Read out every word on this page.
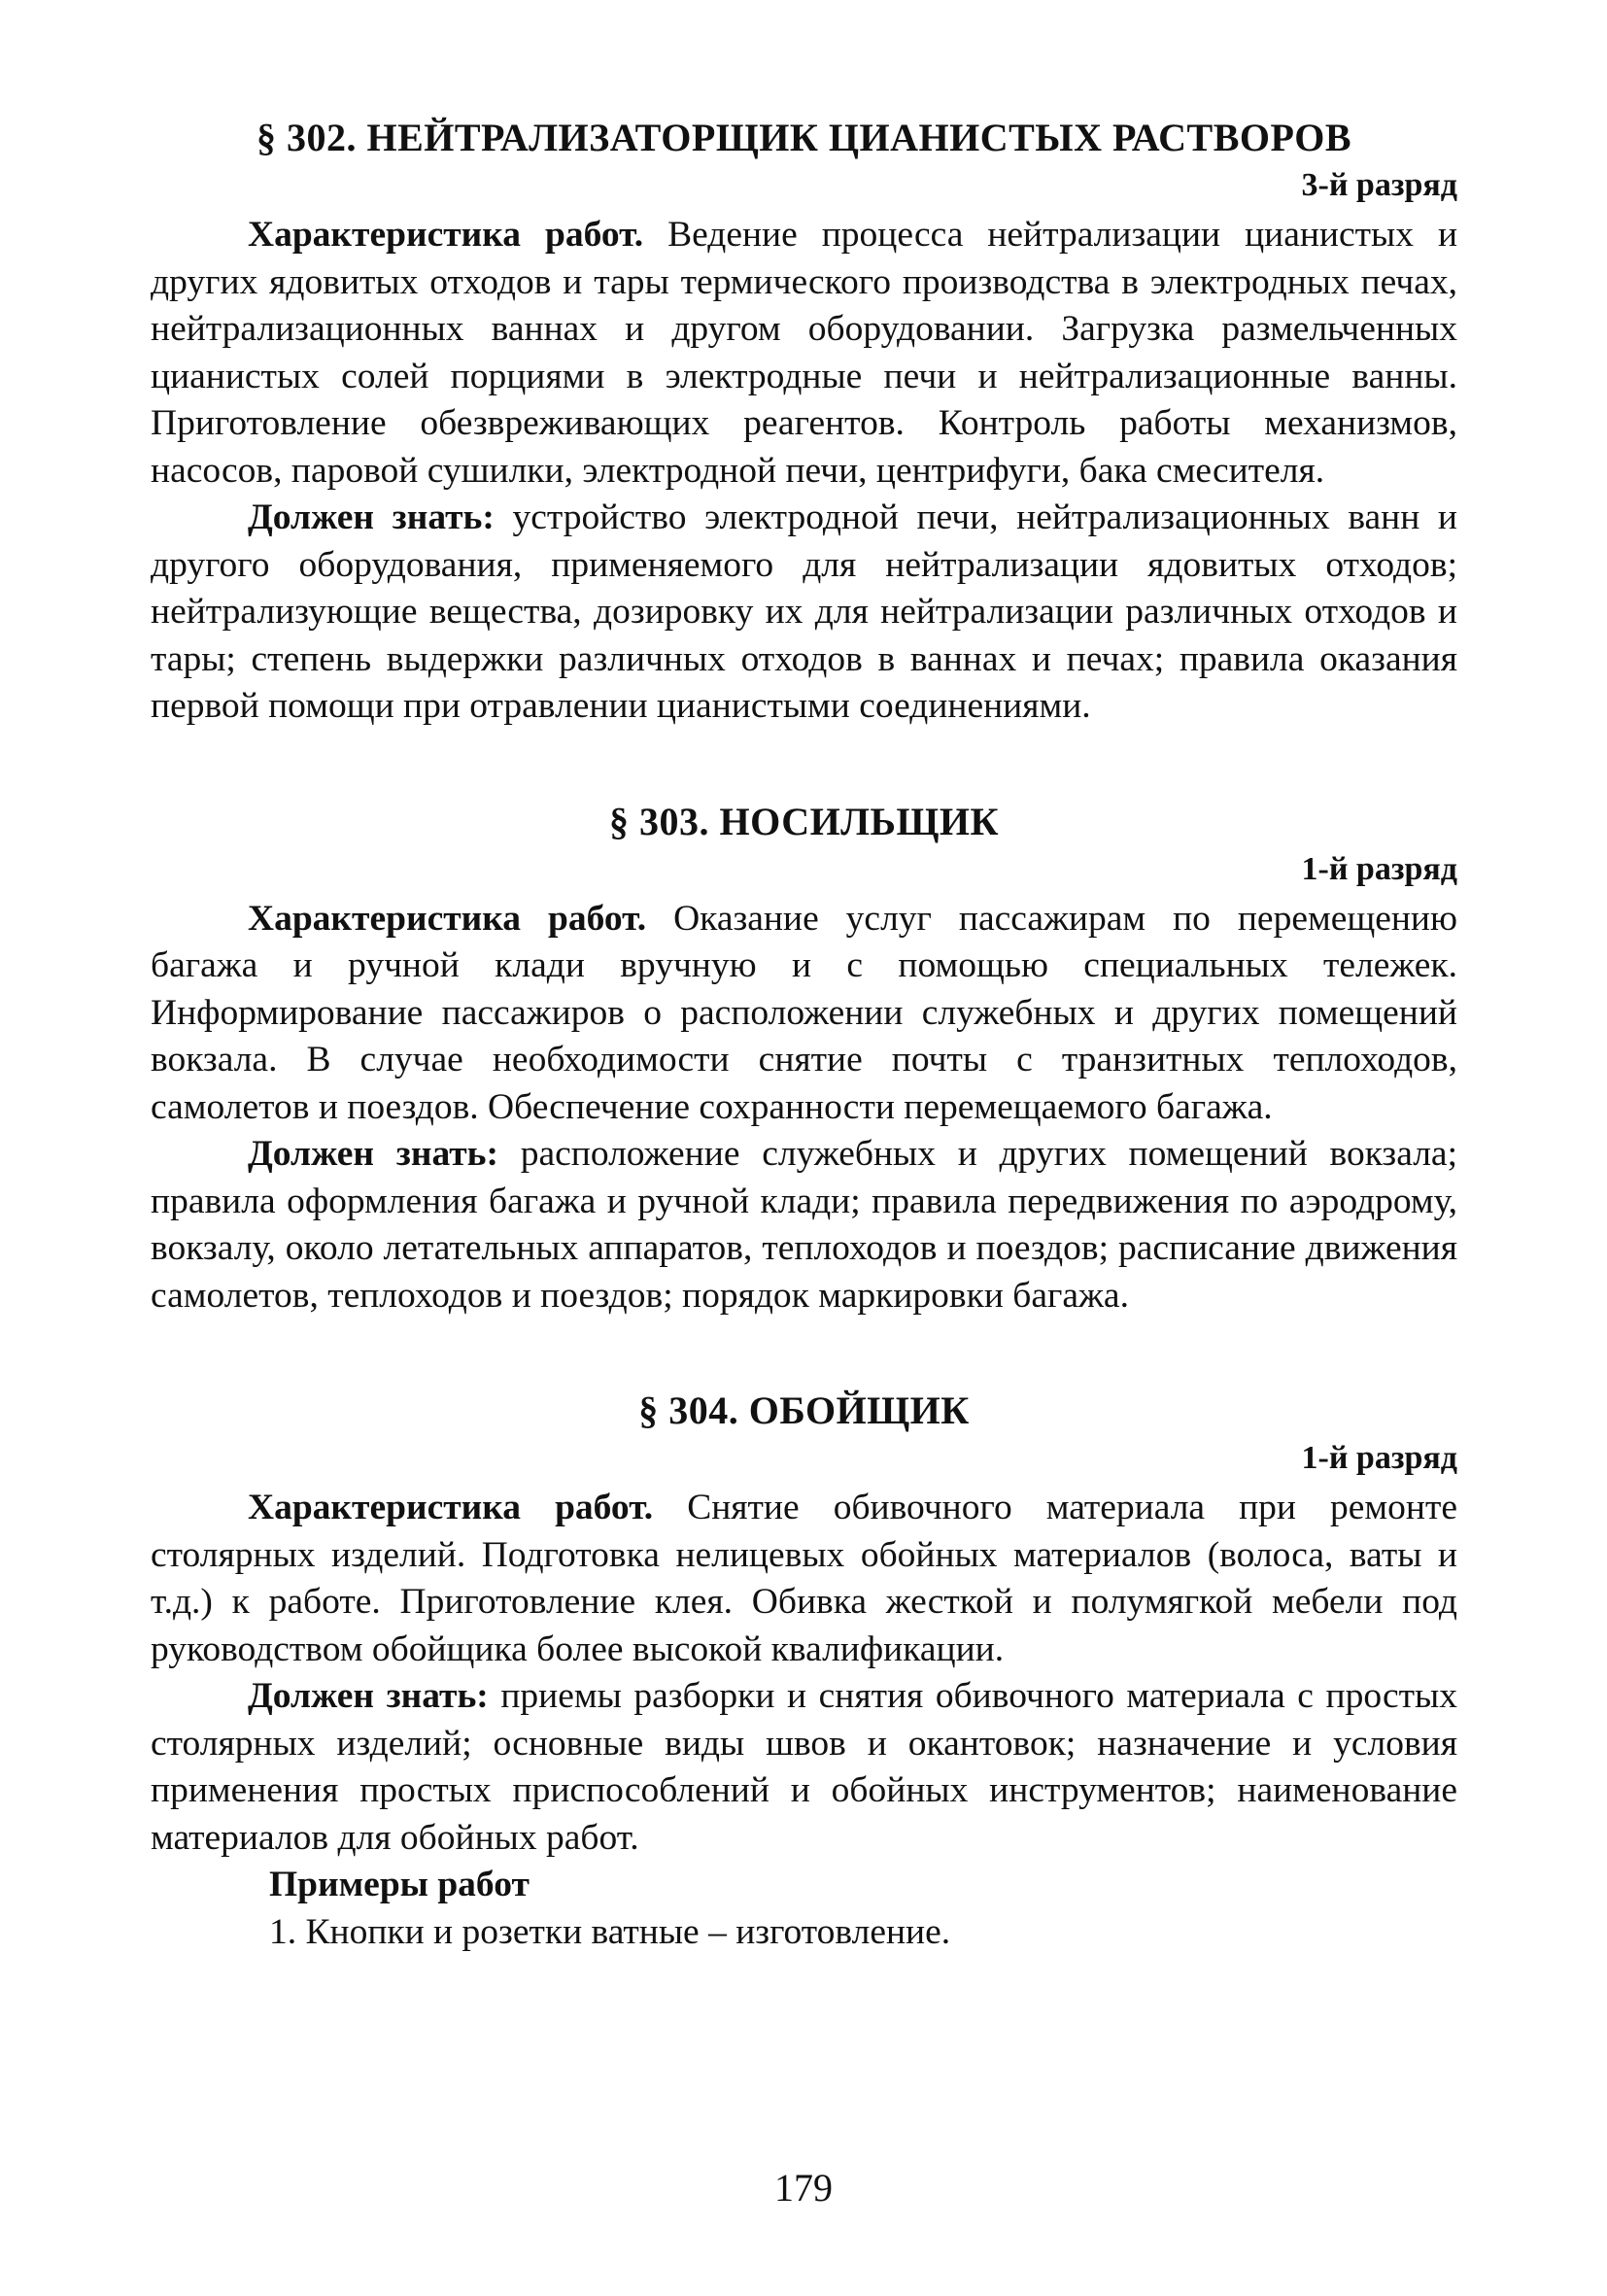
§ 302. НЕЙТРАЛИЗАТОРЩИК ЦИАНИСТЫХ РАСТВОРОВ
3-й разряд

Характеристика работ. Ведение процесса нейтрализации цианистых и других ядовитых отходов и тары термического производства в электродных печах, нейтрализационных ваннах и другом оборудовании. Загрузка размельченных цианистых солей порциями в электродные печи и нейтрализационные ванны. Приготовление обезвреживающих реагентов. Контроль работы механизмов, насосов, паровой сушилки, электродной печи, центрифуги, бака смесителя.

Должен знать: устройство электродной печи, нейтрализационных ванн и другого оборудования, применяемого для нейтрализации ядовитых отходов; нейтрализующие вещества, дозировку их для нейтрализации различных отходов и тары; степень выдержки различных отходов в ваннах и печах; правила оказания первой помощи при отравлении цианистыми соединениями.

§ 303. НОСИЛЬЩИК
1-й разряд

Характеристика работ. Оказание услуг пассажирам по перемещению багажа и ручной клади вручную и с помощью специальных тележек. Информирование пассажиров о расположении служебных и других помещений вокзала. В случае необходимости снятие почты с транзитных теплоходов, самолетов и поездов. Обеспечение сохранности перемещаемого багажа.

Должен знать: расположение служебных и других помещений вокзала; правила оформления багажа и ручной клади; правила передвижения по аэродрому, вокзалу, около летательных аппаратов, теплоходов и поездов; расписание движения самолетов, теплоходов и поездов; порядок маркировки багажа.

§ 304. ОБОЙЩИК
1-й разряд

Характеристика работ. Снятие обивочного материала при ремонте столярных изделий. Подготовка нелицевых обойных материалов (волоса, ваты и т.д.) к работе. Приготовление клея. Обивка жесткой и полумягкой мебели под руководством обойщика более высокой квалификации.

Должен знать: приемы разборки и снятия обивочного материала с простых столярных изделий; основные виды швов и окантовок; назначение и условия применения простых приспособлений и обойных инструментов; наименование материалов для обойных работ.

Примеры работ

1. Кнопки и розетки ватные – изготовление.

179
